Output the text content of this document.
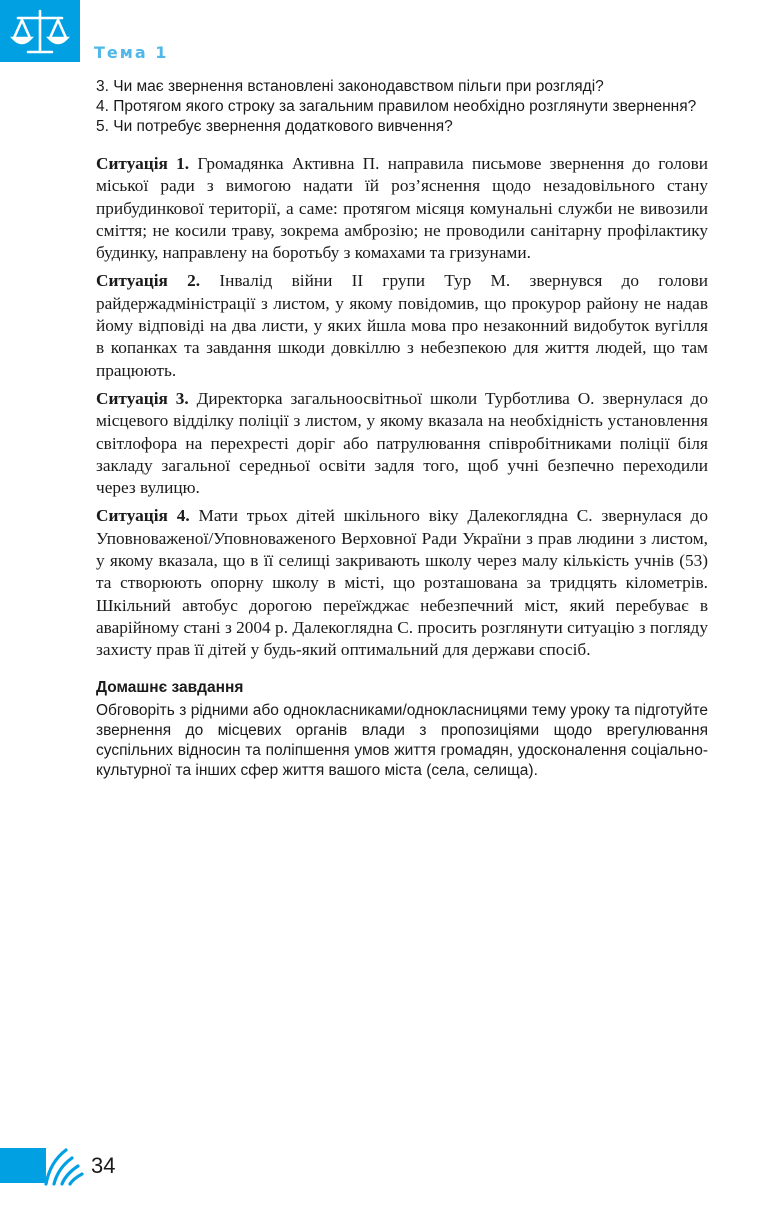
Тема 1

3. Чи має звернення встановлені законодавством пільги при розгляді?

4. Протягом якого строку за загальним правилом необхідно розглянути звернення?

5. Чи потребує звернення додаткового вивчення?

Ситуація 1. Громадянка Активна П. направила письмове звернення до голови міської ради з вимогою надати їй роз’яснення щодо незадовільного стану прибудинкової території, а саме: протягом місяця комунальні служби не вивозили сміття; не косили траву, зокрема амброзію; не проводили санітарну профілактику будинку, направлену на боротьбу з комахами та гризунами.

Ситуація 2. Інвалід війни II групи Тур М. звернувся до голови райдержадміністрації з листом, у якому повідомив, що прокурор району не надав йому відповіді на два листи, у яких йшла мова про незаконний видобуток вугілля в копанках та завдання шкоди довкіллю з небезпекою для життя людей, що там працюють.

Ситуація 3. Директорка загальноосвітньої школи Турботлива О. звернулася до місцевого відділку поліції з листом, у якому вказала на необхідність установлення світлофора на перехресті доріг або патрулювання співробітниками поліції біля закладу загальної середньої освіти задля того, щоб учні безпечно переходили через вулицю.

Ситуація 4. Мати трьох дітей шкільного віку Далекоглядна С. звернулася до Уповноваженої/Уповноваженого Верховної Ради України з прав людини з листом, у якому вказала, що в її селищі закривають школу через малу кількість учнів (53) та створюють опорну школу в місті, що розташована за тридцять кілометрів. Шкільний автобус дорогою переїжджає небезпечний міст, який перебуває в аварійному стані з 2004 р. Далекоглядна С. просить розглянути ситуацію з погляду захисту прав її дітей у будь-який оптимальний для держави спосіб.

Домашнє завдання

Обговоріть з рідними або однокласниками/однокласницями тему уроку та підготуйте звернення до місцевих органів влади з пропозиціями щодо врегулювання суспільних відносин та поліпшення умов життя громадян, удосконалення соціально-культурної та інших сфер життя вашого міста (села, селища).

34
